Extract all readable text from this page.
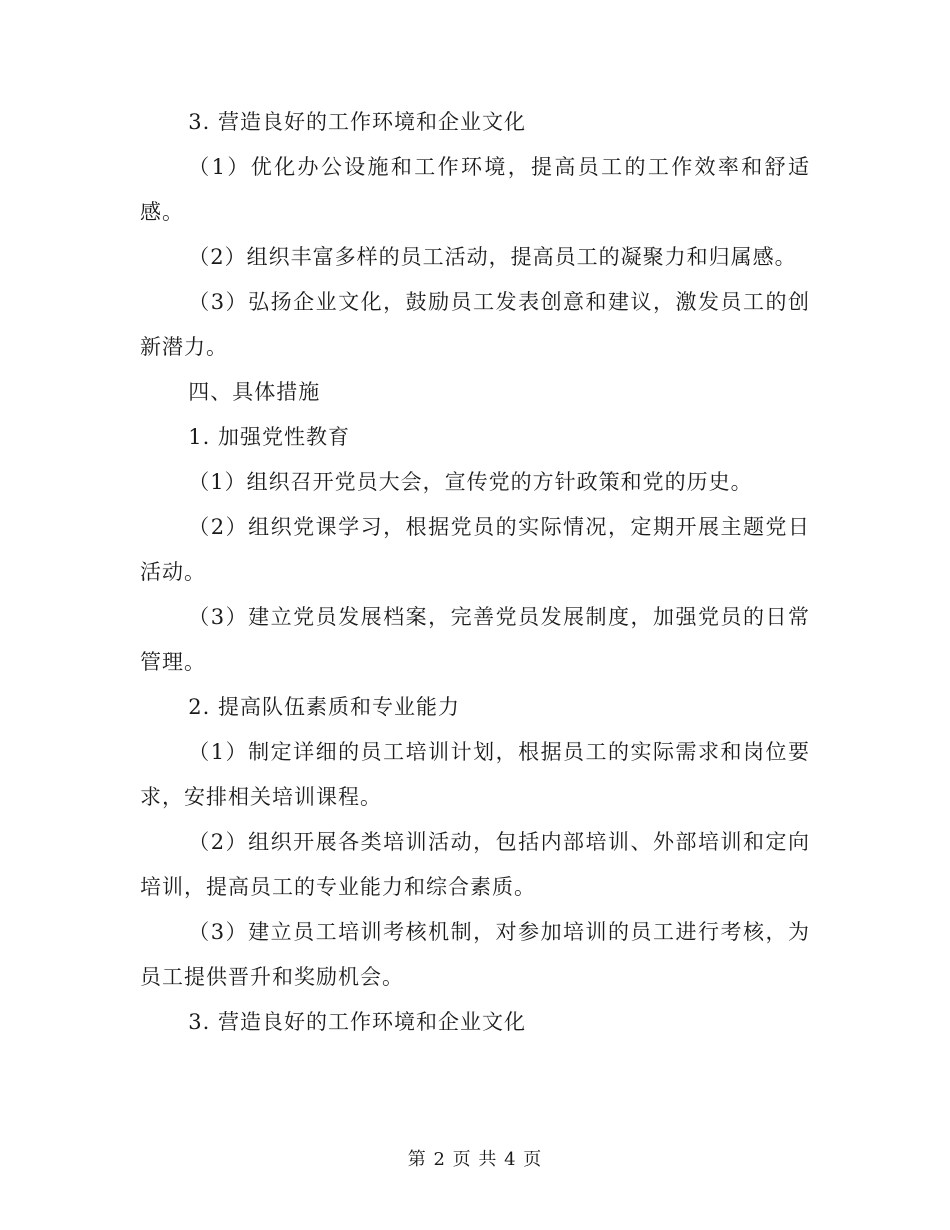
3. 营造良好的工作环境和企业文化

（1）优化办公设施和工作环境，提高员工的工作效率和舒适感。

（2）组织丰富多样的员工活动，提高员工的凝聚力和归属感。

（3）弘扬企业文化，鼓励员工发表创意和建议，激发员工的创新潜力。

四、具体措施

1. 加强党性教育

（1）组织召开党员大会，宣传党的方针政策和党的历史。

（2）组织党课学习，根据党员的实际情况，定期开展主题党日活动。

（3）建立党员发展档案，完善党员发展制度，加强党员的日常管理。

2. 提高队伍素质和专业能力

（1）制定详细的员工培训计划，根据员工的实际需求和岗位要求，安排相关培训课程。

（2）组织开展各类培训活动，包括内部培训、外部培训和定向培训，提高员工的专业能力和综合素质。

（3）建立员工培训考核机制，对参加培训的员工进行考核，为员工提供晋升和奖励机会。

3. 营造良好的工作环境和企业文化

第 2 页 共 4 页
